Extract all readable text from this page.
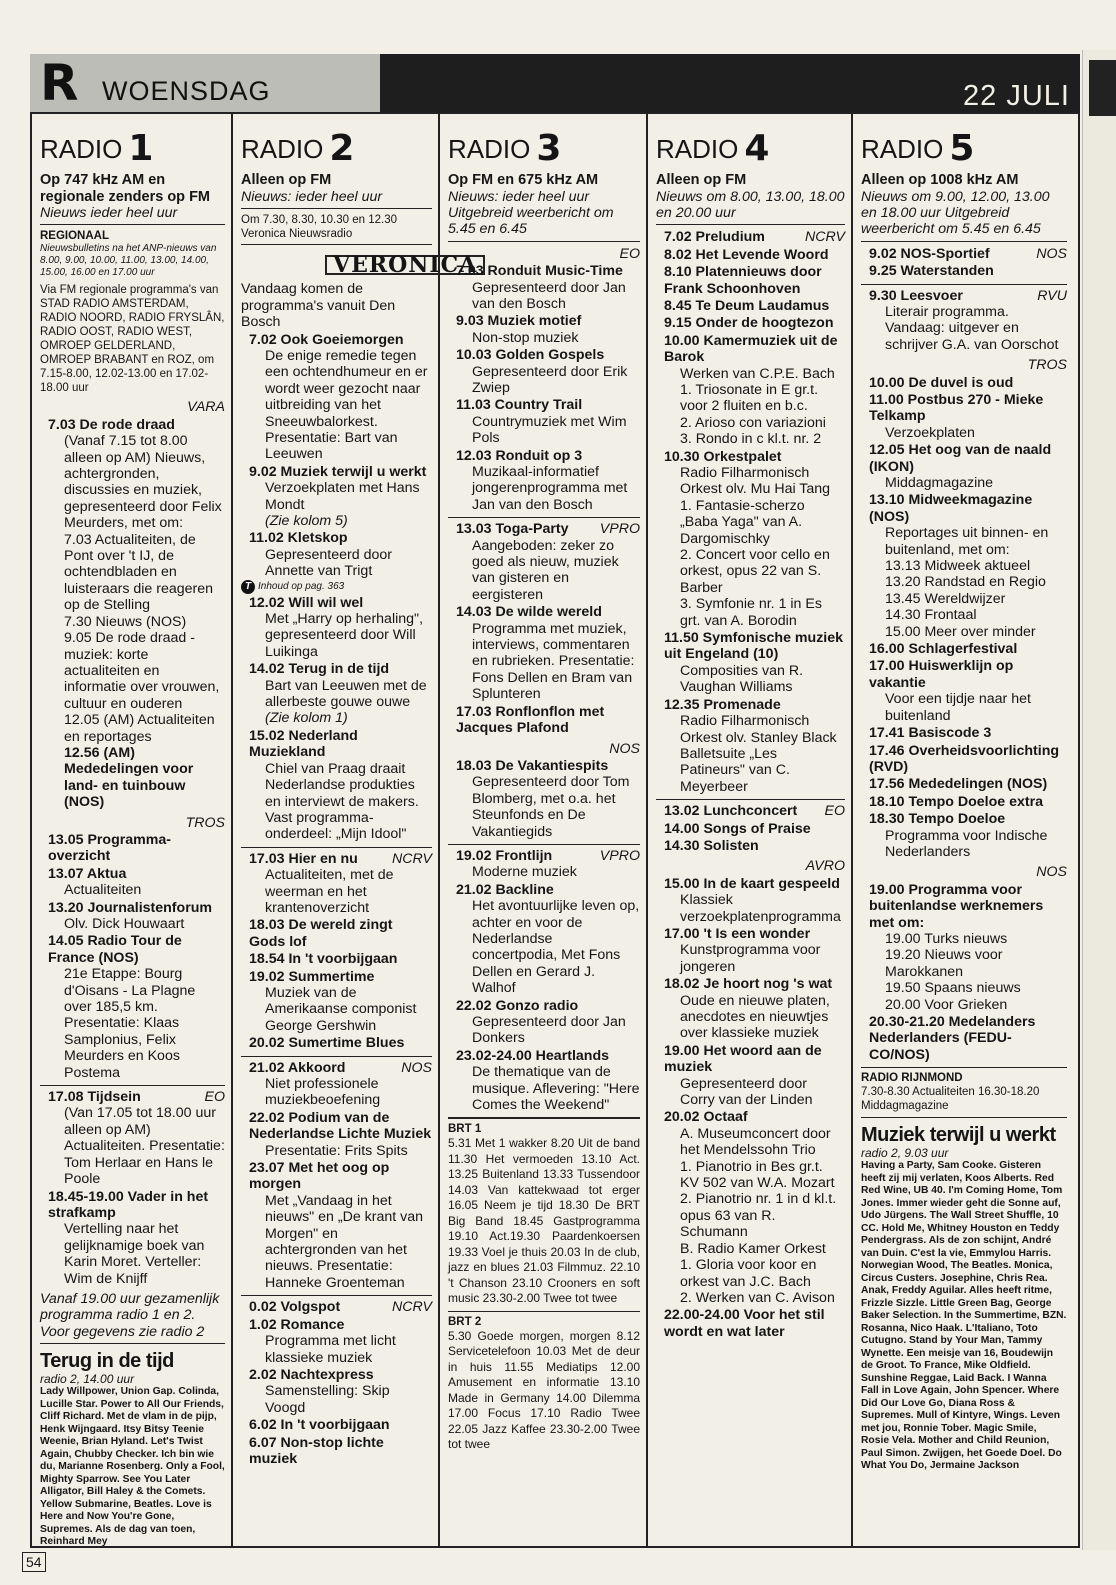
R WOENSDAG	22 JULI
RADIO 1
Op 747 kHz AM en regionale zenders op FM
Nieuws ieder heel uur
REGIONAAL
Nieuwsbulletins na het ANP-nieuws van 8.00, 9.00, 10.00, 11.00, 13.00, 14.00, 15.00, 16.00 en 17.00 uur
Via FM regionale programma's van STAD RADIO AMSTERDAM, RADIO NOORD, RADIO FRYSLÂN, RADIO OOST, RADIO WEST, OMROEP GELDERLAND, OMROEP BRABANT en ROZ, om 7.15-8.00, 12.02-13.00 en 17.02-18.00 uur
VARA
7.03 De rode draad
(Vanaf 7.15 tot 8.00 alleen op AM) Nieuws, achtergronden, discussies en muziek, gepresenteerd door Felix Meurders, met om:
7.03 Actualiteiten, de Pont over 't IJ, de ochtendbladen en luisteraars die reageren op de Stelling
7.30 Nieuws (NOS)
9.05 De rode draad - muziek: korte actualiteiten en informatie over vrouwen, cultuur en ouderen
12.05 (AM) Actualiteiten en reportages
12.56 (AM) Mededelingen voor land- en tuinbouw (NOS)
TROS
13.05 Programma-overzicht
13.07 Aktua
Actualiteiten
13.20 Journalistenforum
Olv. Dick Houwaart
14.05 Radio Tour de France (NOS)
21e Etappe: Bourg d'Oisans - La Plagne over 185,5 km. Presentatie: Klaas Samplonius, Felix Meurders en Koos Postema
17.08 Tijdsein	EO
(Van 17.05 tot 18.00 uur alleen op AM) Actualiteiten. Presentatie: Tom Herlaar en Hans le Poole
18.45-19.00 Vader in het strafkamp
Vertelling naar het gelijknamige boek van Karin Moret. Verteller: Wim de Knijff
Vanaf 19.00 uur gezamenlijk programma radio 1 en 2. Voor gegevens zie radio 2
Terug in de tijd
radio 2, 14.00 uur
Lady Willpower, Union Gap. Colinda, Lucille Star. Power to All Our Friends, Cliff Richard. Met de vlam in de pijp, Henk Wijngaard. Itsy Bitsy Teenie Weenie, Brian Hyland. Let's Twist Again, Chubby Checker. Ich bin wie du, Marianne Rosenberg. Only a Fool, Mighty Sparrow. See You Later Alligator, Bill Haley & the Comets. Yellow Submarine, Beatles. Love is Here and Now You're Gone, Supremes. Als de dag van toen, Reinhard Mey
RADIO 2
Alleen op FM
Nieuws: ieder heel uur
Om 7.30, 8.30, 10.30 en 12.30 Veronica Nieuwsradio
VERONICA
Vandaag komen de programma's vanuit Den Bosch
7.02 Ook Goeiemorgen
De enige remedie tegen een ochtendhumeur en er wordt weer gezocht naar uitbreiding van het Sneeuwbalorkest. Presentatie: Bart van Leeuwen
9.02 Muziek terwijl u werkt
Verzoekplaten met Hans Mondt
(Zie kolom 5)
11.02 Kletskop
Gepresenteerd door Annette van Trigt
T Inhoud op pag. 363
12.02 Will wil wel
Met „Harry op herhaling", gepresenteerd door Will Luikinga
14.02 Terug in de tijd
Bart van Leeuwen met de allerbeste gouwe ouwe
(Zie kolom 1)
15.02 Nederland Muziekland
Chiel van Praag draait Nederlandse produkties en interviewt de makers. Vast programma-onderdeel: „Mijn Idool"
17.03 Hier en nu NCRV
Actualiteiten, met de weerman en het krantenoverzicht
18.03 De wereld zingt Gods lof
18.54 In 't voorbijgaan
19.02 Summertime
Muziek van de Amerikaanse componist George Gershwin
20.02 Sumertime Blues
21.02 Akkoord	NOS
Niet professionele muziekbeoefening
22.02 Podium van de Nederlandse Lichte Muziek
Presentatie: Frits Spits
23.07 Met het oog op morgen
Met „Vandaag in het nieuws" en „De krant van Morgen" en achtergronden van het nieuws. Presentatie: Hanneke Groenteman
0.02 Volgspot	NCRV
1.02 Romance
Programma met licht klassieke muziek
2.02 Nachtexpress
Samenstelling: Skip Voogd
6.02 In 't voorbijgaan
6.07 Non-stop lichte muziek
RADIO 3
Op FM en 675 kHz AM
Nieuws: ieder heel uur Uitgebreid weerbericht om 5.45 en 6.45
EO
7.03 Ronduit Music-Time
Gepresenteerd door Jan van den Bosch
9.03 Muziek motief
Non-stop muziek
10.03 Golden Gospels
Gepresenteerd door Erik Zwiep
11.03 Country Trail
Countrymuziek met Wim Pols
12.03 Ronduit op 3
Muzikaal-informatief jongerenprogramma met Jan van den Bosch
13.03 Toga-Party VPRO
Aangeboden: zeker zo goed als nieuw, muziek van gisteren en eergisteren
14.03 De wilde wereld
Programma met muziek, interviews, commentaren en rubrieken. Presentatie: Fons Dellen en Bram van Splunteren
17.03 Ronflonflon met Jacques Plafond
NOS
18.03 De Vakantiespits
Gepresenteerd door Tom Blomberg, met o.a. het Steunfonds en De Vakantiegids
19.02 Frontlijn	VPRO
Moderne muziek
21.02 Backline
Het avontuurlijke leven op, achter en voor de Nederlandse concertpodia, Met Fons Dellen en Gerard J. Walhof
22.02 Gonzo radio
Gepresenteerd door Jan Donkers
23.02-24.00 Heartlands
De thematique van de musique. Aflevering: "Here Comes the Weekend"
BRT 1
5.31 Met 1 wakker 8.20 Uit de band 11.30 Het vermoeden 13.10 Act. 13.25 Buitenland 13.33 Tussendoor 14.03 Van kattekwaad tot erger 16.05 Neem je tijd 18.30 De BRT Big Band 18.45 Gastprogramma 19.10 Act.19.30 Paardenkoersen 19.33 Voel je thuis 20.03 In de club, jazz en blues 21.03 Filmmuz. 22.10 't Chanson 23.10 Crooners en soft music 23.30-2.00 Twee tot twee
BRT 2
5.30 Goede morgen, morgen 8.12 Servicetelefoon 10.03 Met de deur in huis 11.55 Mediatips 12.00 Amusement en informatie 13.10 Made in Germany 14.00 Dilemma 17.00 Focus 17.10 Radio Twee 22.05 Jazz Kaffee 23.30-2.00 Twee tot twee
RADIO 4
Alleen op FM
Nieuws om 8.00, 13.00, 18.00 en 20.00 uur
7.02 Preludium	NCRV
8.02 Het Levende Woord
8.10 Platennieuws door Frank Schoonhoven
8.45 Te Deum Laudamus
9.15 Onder de hoogtezon
10.00 Kamermuziek uit de Barok
Werken van C.P.E. Bach
1. Triosonate in E gr.t. voor 2 fluiten en b.c.
2. Arioso con variazioni
3. Rondo in c kl.t. nr. 2
10.30 Orkestpalet
Radio Filharmonisch Orkest olv. Mu Hai Tang
1. Fantasie-scherzo „Baba Yaga" van A. Dargomischky
2. Concert voor cello en orkest, opus 22 van S. Barber
3. Symfonie nr. 1 in Es grt. van A. Borodin
11.50 Symfonische muziek uit Engeland (10)
Composities van R. Vaughan Williams
12.35 Promenade
Radio Filharmonisch Orkest olv. Stanley Black
Balletsuite „Les Patineurs" van C. Meyerbeer
13.02 Lunchconcert EO
14.00 Songs of Praise
14.30 Solisten
AVRO
15.00 In de kaart gespeeld
Klassiek verzoekplatenprogramma
17.00 't Is een wonder
Kunstprogramma voor jongeren
18.02 Je hoort nog 's wat
Oude en nieuwe platen, anecdotes en nieuwtjes over klassieke muziek
19.00 Het woord aan de muziek
Gepresenteerd door Corry van der Linden
20.02 Octaaf
A. Museumconcert door het Mendelssohn Trio
1. Pianotrio in Bes gr.t. KV 502 van W.A. Mozart
2. Pianotrio nr. 1 in d kl.t. opus 63 van R. Schumann
B. Radio Kamer Orkest
1. Gloria voor koor en orkest van J.C. Bach
2. Werken van C. Avison
22.00-24.00 Voor het stil wordt en wat later
RADIO 5
Alleen op 1008 kHz AM
Nieuws om 9.00, 12.00, 13.00 en 18.00 uur Uitgebreid weerbericht om 5.45 en 6.45
9.02 NOS-Sportief	NOS
9.25 Waterstanden
9.30 Leesvoer	RVU
Literair programma. Vandaag: uitgever en schrijver G.A. van Oorschot
TROS
10.00 De duvel is oud
11.00 Postbus 270 - Mieke Telkamp
Verzoekplaten
12.05 Het oog van de naald (IKON)
Middagmagazine
13.10 Midweekmagazine (NOS)
Reportages uit binnen- en buitenland, met om:
13.13 Midweek aktueel
13.20 Randstad en Regio
13.45 Wereldwijzer
14.30 Frontaal
15.00 Meer over minder
16.00 Schlagerfestival
17.00 Huiswerklijn op vakantie
Voor een tijdje naar het buitenland
17.41 Basiscode 3
17.46 Overheidsvoorlichting (RVD)
17.56 Mededelingen (NOS)
18.10 Tempo Doeloe extra
18.30 Tempo Doeloe
Programma voor Indische Nederlanders
NOS
19.00 Programma voor buitenlandse werknemers met om:
19.00 Turks nieuws
19.20 Nieuws voor Marokkanen
19.50 Spaans nieuws
20.00 Voor Grieken
20.30-21.20 Medelanders Nederlanders (FEDU-CO/NOS)
RADIO RIJNMOND
7.30-8.30 Actualiteiten 16.30-18.20 Middagmagazine
Muziek terwijl u werkt
radio 2, 9.03 uur
Having a Party, Sam Cooke. Gisteren heeft zij mij verlaten, Koos Alberts. Red Red Wine, UB 40. I'm Coming Home, Tom Jones. Immer wieder geht die Sonne auf, Udo Jürgens. The Wall Street Shuffle, 10 CC. Hold Me, Whitney Houston en Teddy Pendergrass. Als de zon schijnt, André van Duin. C'est la vie, Emmylou Harris. Norwegian Wood, The Beatles. Monica, Circus Custers. Josephine, Chris Rea. Anak, Freddy Aguilar. Alles heeft ritme, Frizzle Sizzle. Little Green Bag, George Baker Selection. In the Summertime, BZN. Rosanna, Nico Haak. L'Italiano, Toto Cutugno. Stand by Your Man, Tammy Wynette. Een meisje van 16, Boudewijn de Groot. To France, Mike Oldfield. Sunshine Reggae, Laid Back. I Wanna Fall in Love Again, John Spencer. Where Did Our Love Go, Diana Ross & Supremes. Mull of Kintyre, Wings. Leven met jou, Ronnie Tober. Magic Smile, Rosie Vela. Mother and Child Reunion, Paul Simon. Zwijgen, het Goede Doel. Do What You Do, Jermaine Jackson
54
